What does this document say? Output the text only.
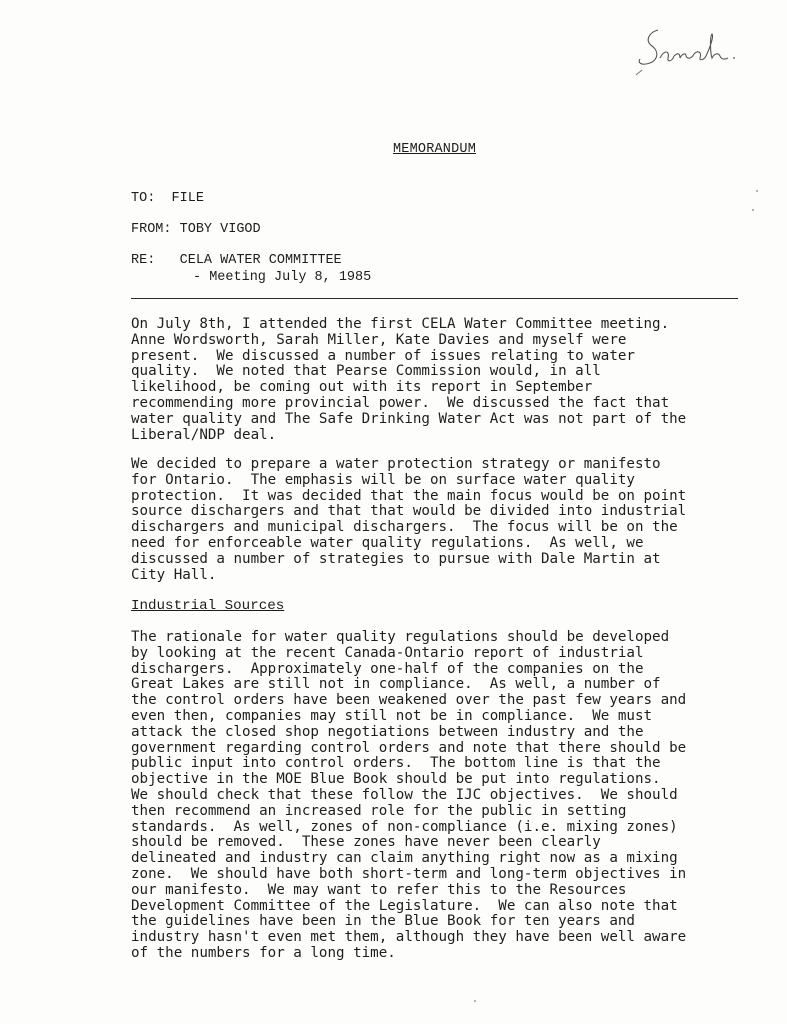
MEMORANDUM
TO: FILE
FROM: TOBY VIGOD
RE: CELA WATER COMMITTEE
- Meeting July 8, 1985
On July 8th, I attended the first CELA Water Committee meeting.
Anne Wordsworth, Sarah Miller, Kate Davies and myself were
present.  We discussed a number of issues relating to water
quality.  We noted that Pearse Commission would, in all
likelihood, be coming out with its report in September
recommending more provincial power.  We discussed the fact that
water quality and The Safe Drinking Water Act was not part of the
Liberal/NDP deal.
We decided to prepare a water protection strategy or manifesto
for Ontario.  The emphasis will be on surface water quality
protection.  It was decided that the main focus would be on point
source dischargers and that that would be divided into industrial
dischargers and municipal dischargers.  The focus will be on the
need for enforceable water quality regulations.  As well, we
discussed a number of strategies to pursue with Dale Martin at
City Hall.
Industrial Sources
The rationale for water quality regulations should be developed
by looking at the recent Canada-Ontario report of industrial
dischargers.  Approximately one-half of the companies on the
Great Lakes are still not in compliance.  As well, a number of
the control orders have been weakened over the past few years and
even then, companies may still not be in compliance.  We must
attack the closed shop negotiations between industry and the
government regarding control orders and note that there should be
public input into control orders.  The bottom line is that the
objective in the MOE Blue Book should be put into regulations.
We should check that these follow the IJC objectives.  We should
then recommend an increased role for the public in setting
standards.  As well, zones of non-compliance (i.e. mixing zones)
should be removed.  These zones have never been clearly
delineated and industry can claim anything right now as a mixing
zone.  We should have both short-term and long-term objectives in
our manifesto.  We may want to refer this to the Resources
Development Committee of the Legislature.  We can also note that
the guidelines have been in the Blue Book for ten years and
industry hasn't even met them, although they have been well aware
of the numbers for a long time.
